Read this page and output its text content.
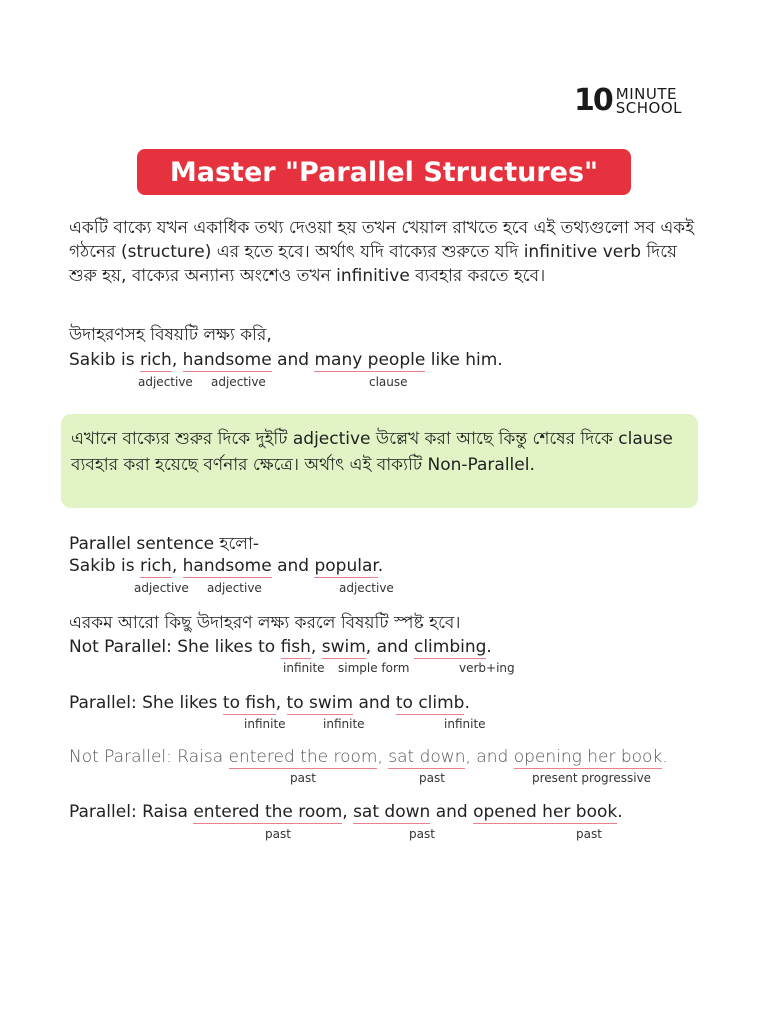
10 MINUTE
SCHOOL
Master "Parallel Structures"
একটি বাক্যে যখন একাধিক তথ্য দেওয়া হয় তখন খেয়াল রাখতে হবে এই তথ্যগুলো সব একই গঠনের (structure) এর হতে হবে। অর্থাৎ যদি বাক্যের শুরুতে যদি infinitive verb দিয়ে শুরু হয়, বাক্যের অন্যান্য অংশেও তখন infinitive ব্যবহার করতে হবে।
উদাহরণসহ বিষয়টি লক্ষ্য করি,
Sakib is rich, handsome and many people like him.
adjective adjective	clause
এখানে বাক্যের শুরুর দিকে দুইটি adjective উল্লেখ করা আছে কিন্তু শেষের দিকে clause ব্যবহার করা হয়েছে বর্ণনার ক্ষেত্রে। অর্থাৎ এই বাক্যটি Non-Parallel.
Parallel sentence হলো-
Sakib is rich, handsome and popular.
adjective adjective	adjective
এরকম আরো কিছু উদাহরণ লক্ষ্য করলে বিষয়টি স্পষ্ট হবে।
Not Parallel: She likes to fish, swim, and climbing.
infinite simple form	verb+ing
Parallel: She likes to fish, to swim and to climb.
infinite	infinite	infinite
Not Parallel: Raisa entered the room, sat down, and opening her book.
past	past	present progressive
Parallel: Raisa entered the room, sat down and opened her book.
past	past	past
